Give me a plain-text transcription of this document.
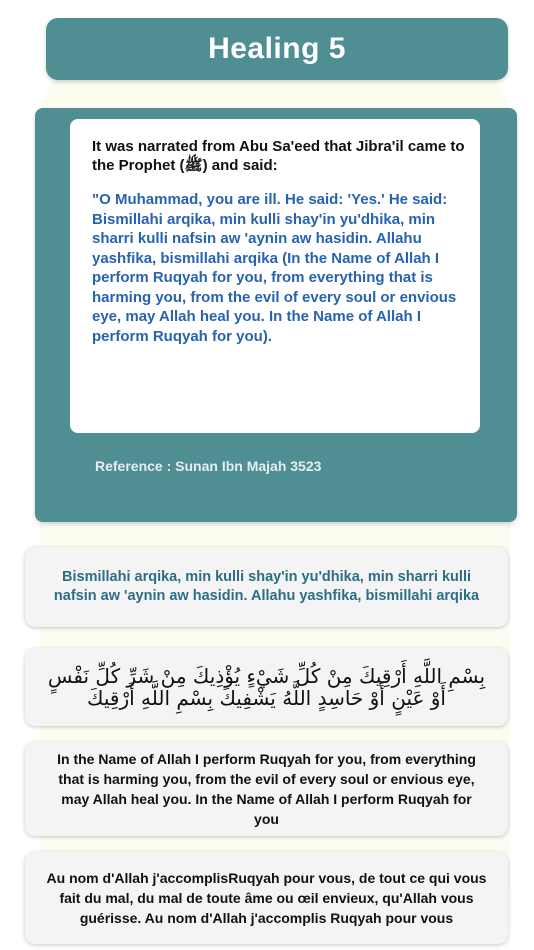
Healing 5

It was narrated from Abu Sa'eed that Jibra'il came to the Prophet (ﷺ) and said:

"O Muhammad, you are ill. He said: 'Yes.' He said: Bismillahi arqika, min kulli shay'in yu'dhika, min sharri kulli nafsin aw 'aynin aw hasidin. Allahu yashfika, bismillahi arqika (In the Name of Allah I perform Ruqyah for you, from everything that is harming you, from the evil of every soul or envious eye, may Allah heal you. In the Name of Allah I perform Ruqyah for you).

Reference : Sunan Ibn Majah 3523

Bismillahi arqika, min kulli shay'in yu'dhika, min sharri kulli nafsin aw 'aynin aw hasidin. Allahu yashfika, bismillahi arqika

بِسْمِ اللَّهِ أَرْقِيكَ مِنْ كُلِّ شَيْءٍ يُؤْذِيكَ مِنْ شَرِّ كُلِّ نَفْسٍ أَوْ عَيْنٍ أَوْ حَاسِدٍ اللَّهُ يَشْفِيكَ بِسْمِ اللَّهِ أَرْقِيكَ

In the Name of Allah I perform Ruqyah for you, from everything that is harming you, from the evil of every soul or envious eye, may Allah heal you. In the Name of Allah I perform Ruqyah for you

Au nom d'Allah j'accomplisRuqyah pour vous, de tout ce qui vous fait du mal, du mal de toute âme ou œil envieux, qu'Allah vous guérisse. Au nom d'Allah j'accomplis Ruqyah pour vous
